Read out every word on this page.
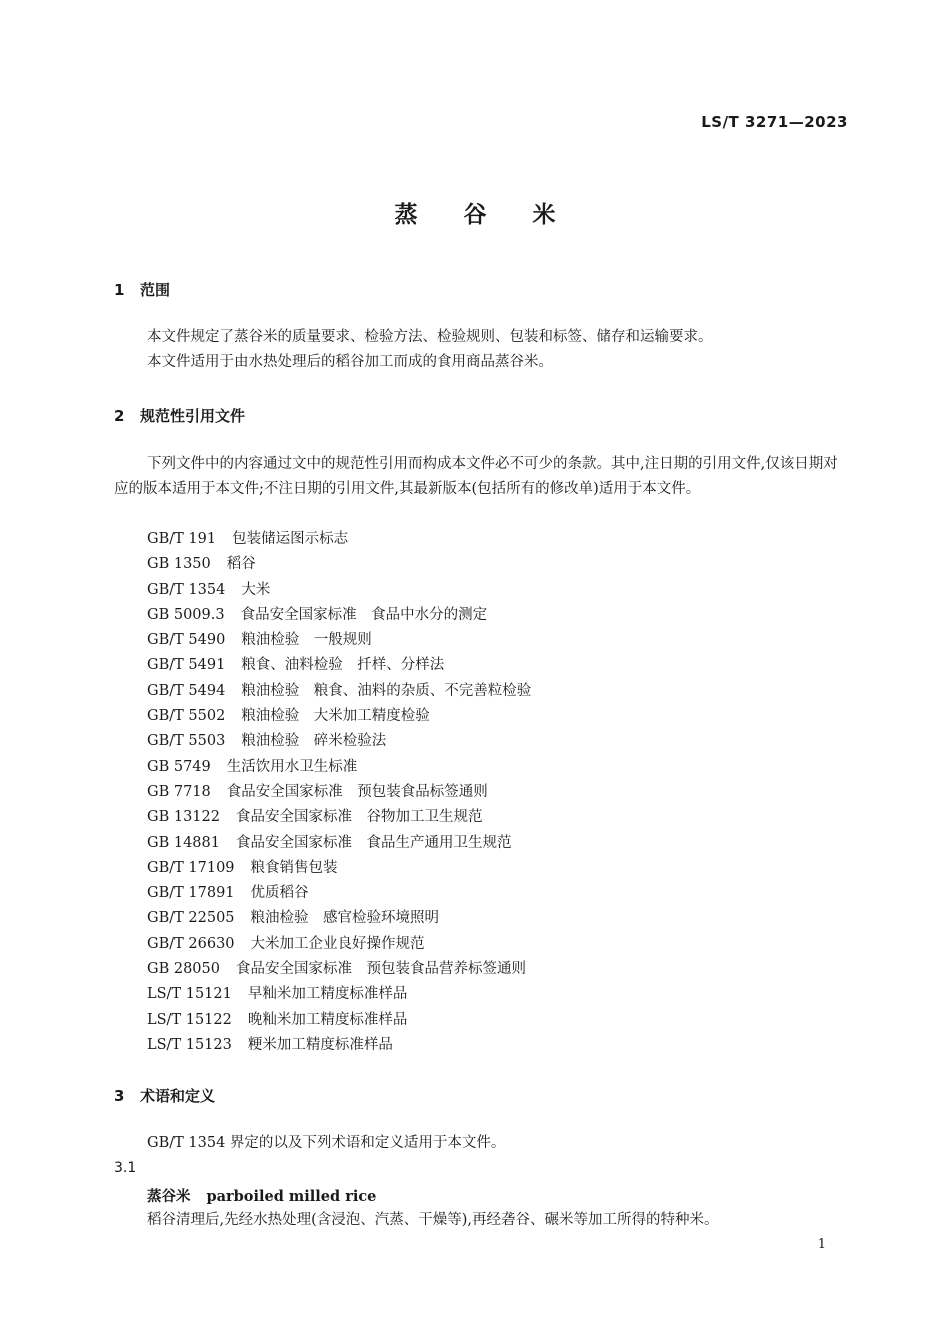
LS/T 3271—2023
蒸 谷 米
1 范围
本文件规定了蒸谷米的质量要求、检验方法、检验规则、包装和标签、储存和运输要求。
本文件适用于由水热处理后的稻谷加工而成的食用商品蒸谷米。
2 规范性引用文件
下列文件中的内容通过文中的规范性引用而构成本文件必不可少的条款。其中,注日期的引用文件,仅该日期对应的版本适用于本文件;不注日期的引用文件,其最新版本(包括所有的修改单)适用于本文件。
GB/T 191 包装储运图示标志
GB 1350 稻谷
GB/T 1354 大米
GB 5009.3 食品安全国家标准　食品中水分的测定
GB/T 5490 粮油检验　一般规则
GB/T 5491 粮食、油料检验　扦样、分样法
GB/T 5494 粮油检验　粮食、油料的杂质、不完善粒检验
GB/T 5502 粮油检验　大米加工精度检验
GB/T 5503 粮油检验　碎米检验法
GB 5749 生活饮用水卫生标准
GB 7718 食品安全国家标准　预包装食品标签通则
GB 13122 食品安全国家标准　谷物加工卫生规范
GB 14881 食品安全国家标准　食品生产通用卫生规范
GB/T 17109 粮食销售包装
GB/T 17891 优质稻谷
GB/T 22505 粮油检验　感官检验环境照明
GB/T 26630 大米加工企业良好操作规范
GB 28050 食品安全国家标准　预包装食品营养标签通则
LS/T 15121 早籼米加工精度标准样品
LS/T 15122 晚籼米加工精度标准样品
LS/T 15123 粳米加工精度标准样品
3 术语和定义
GB/T 1354 界定的以及下列术语和定义适用于本文件。
3.1
蒸谷米 parboiled milled rice
稻谷清理后,先经水热处理(含浸泡、汽蒸、干燥等),再经砻谷、碾米等加工所得的特种米。
1
